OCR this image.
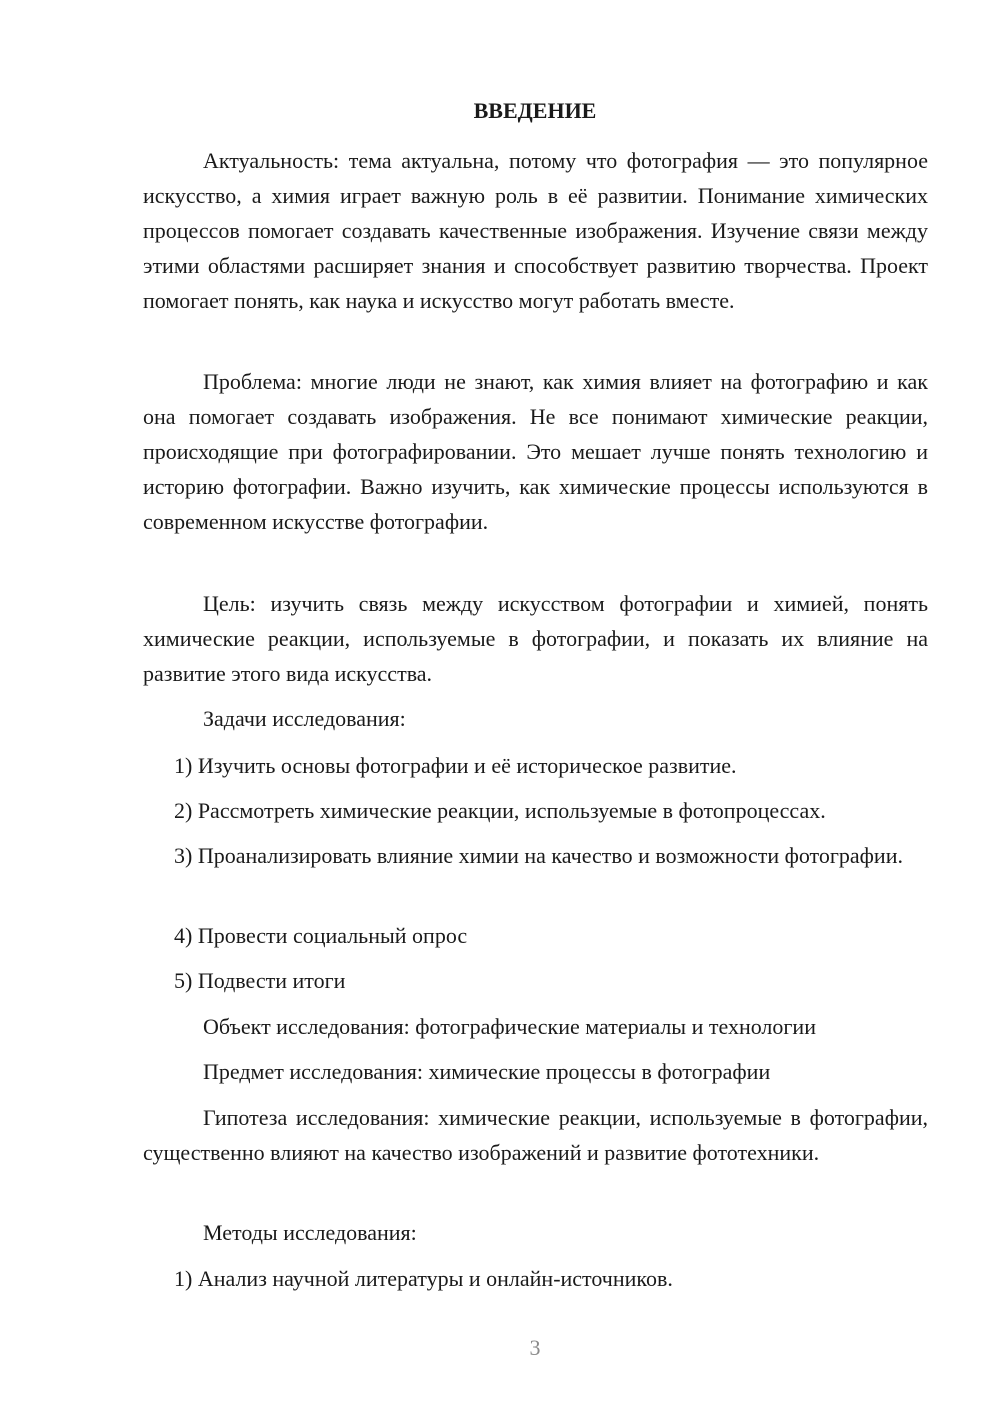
ВВЕДЕНИЕ

Актуальность: тема актуальна, потому что фотография — это популярное искусство, а химия играет важную роль в её развитии. Понимание химических процессов помогает создавать качественные изображения. Изучение связи между этими областями расширяет знания и способствует развитию творчества. Проект помогает понять, как наука и искусство могут работать вместе.

Проблема: многие люди не знают, как химия влияет на фотографию и как она помогает создавать изображения. Не все понимают химические реакции, происходящие при фотографировании. Это мешает лучше понять технологию и историю фотографии. Важно изучить, как химические процессы используются в современном искусстве фотографии.

Цель: изучить связь между искусством фотографии и химией, понять химические реакции, используемые в фотографии, и показать их влияние на развитие этого вида искусства.

Задачи исследования:

1) Изучить основы фотографии и её историческое развитие.

2) Рассмотреть химические реакции, используемые в фотопроцессах.

3) Проанализировать влияние химии на качество и возможности фотографии.

4) Провести социальный опрос

5) Подвести итоги

Объект исследования: фотографические материалы и технологии

Предмет исследования: химические процессы в фотографии

Гипотеза исследования: химические реакции, используемые в фотографии, существенно влияют на качество изображений и развитие фототехники.

Методы исследования:

1) Анализ научной литературы и онлайн-источников.

3
